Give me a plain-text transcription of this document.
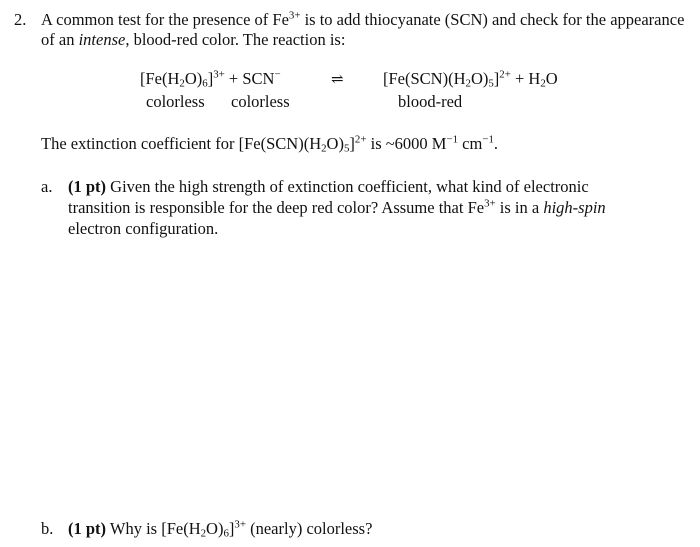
2. A common test for the presence of $Fe^{3+}$ is to add thiocyanate (SCN) and check for the appearance
of an intense, blood-red color. The reaction is:
$[Fe(H_2O)_6]^{3+} + SCN^-$	⇌ $[Fe(SCN)(H_2O)_5]^{2+} + H_2O$
colorless colorless	blood-red
The extinction coefficient for $[Fe(SCN)(H_2O)_5]^{2+}$ is ~6000 $M^{-1}$ $cm^{-1}$.
a. (1 pt) Given the high strength of extinction coefficient, what kind of electronic
transition is responsible for the deep red color? Assume that $Fe^{3+}$ is in a high-spin
electron configuration.
b. (1 pt) Why is $[Fe(H_2O)_6]^{3+}$ (nearly) colorless?
